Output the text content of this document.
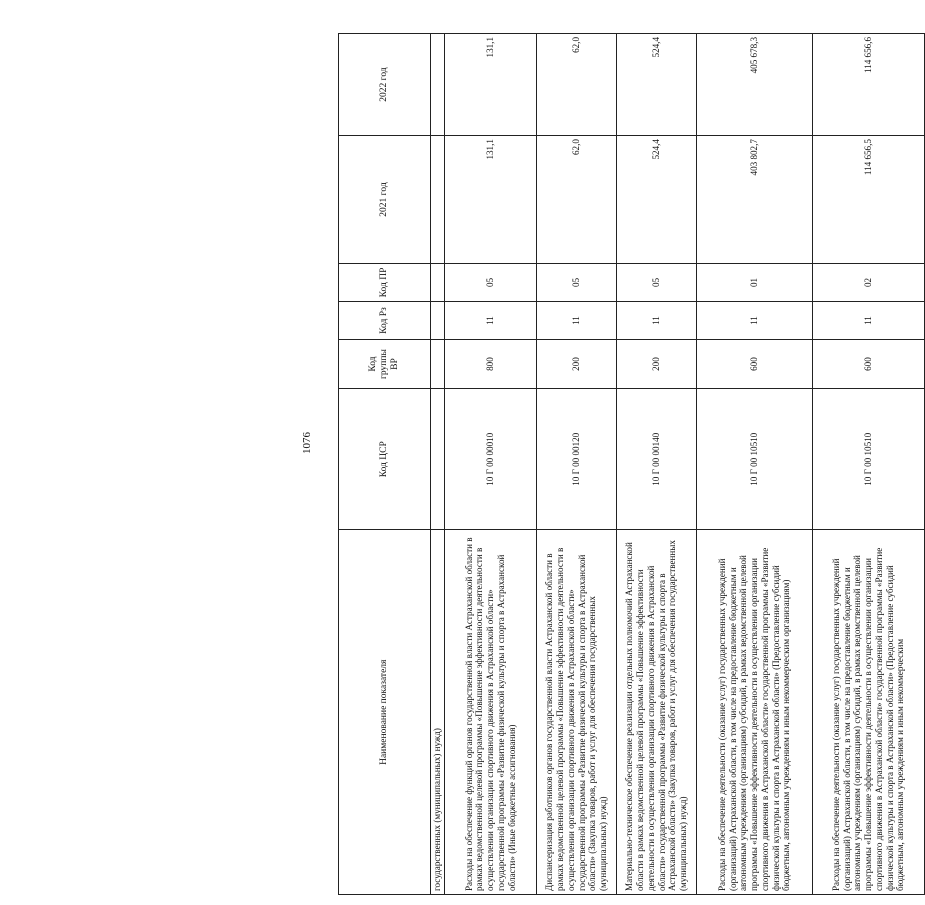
1076
Наименование показателя	Код ЦСР	Код группы ВР	Код Рз	Код ПР	2021 год	2022 год
государственных (муниципальных) нужд)						
Расходы на обеспечение функций органов государственной власти Астраханской области в рамках ведомственной целевой программы «Повышение эффективности деятельности в осуществлении организации спортивного движения в Астраханской области» государственной программы «Развитие физической культуры и спорта в Астраханской области» (Иные бюджетные ассигнования)	10 Г 00 00010	800	11	05	131,1	131,1
Диспансеризация работников органов государственной власти Астраханской области в рамках ведомственной целевой программы «Повышение эффективности деятельности в осуществлении организации спортивного движения в Астраханской области» государственной программы «Развитие физической культуры и спорта в Астраханской области» (Закупка товаров, работ и услуг для обеспечения государственных (муниципальных) нужд)	10 Г 00 00120	200	11	05	62,0	62,0
Материально-техническое обеспечение реализации отдельных полномочий Астраханской области в рамках ведомственной целевой программы «Повышение эффективности деятельности в осуществлении организации спортивного движения в Астраханской области» государственной программы «Развитие физической культуры и спорта в Астраханской области» (Закупка товаров, работ и услуг для обеспечения государственных (муниципальных) нужд)	10 Г 00 00140	200	11	05	524,4	524,4
Расходы на обеспечение деятельности (оказание услуг) государственных учреждений (организаций) Астраханской области, в том числе на предоставление бюджетным и автономным учреждениям (организациям) субсидий, в рамках ведомственной целевой программы «Повышение эффективности деятельности в осуществлении организации спортивного движения в Астраханской области» государственной программы «Развитие физической культуры и спорта в Астраханской области» (Предоставление субсидий бюджетным, автономным учреждениям и иным некоммерческим организациям)	10 Г 00 10510	600	11	01	403 802,7	405 678,3
Расходы на обеспечение деятельности (оказание услуг) государственных учреждений (организаций) Астраханской области, в том числе на предоставление бюджетным и автономным учреждениям (организациям) субсидий, в рамках ведомственной целевой программы «Повышение эффективности деятельности в осуществлении организации спортивного движения в Астраханской области» государственной программы «Развитие физической культуры и спорта в Астраханской области» (Предоставление субсидий бюджетным, автономным учреждениям и иным некоммерческим	10 Г 00 10510	600	11	02	114 656,5	114 656,6
